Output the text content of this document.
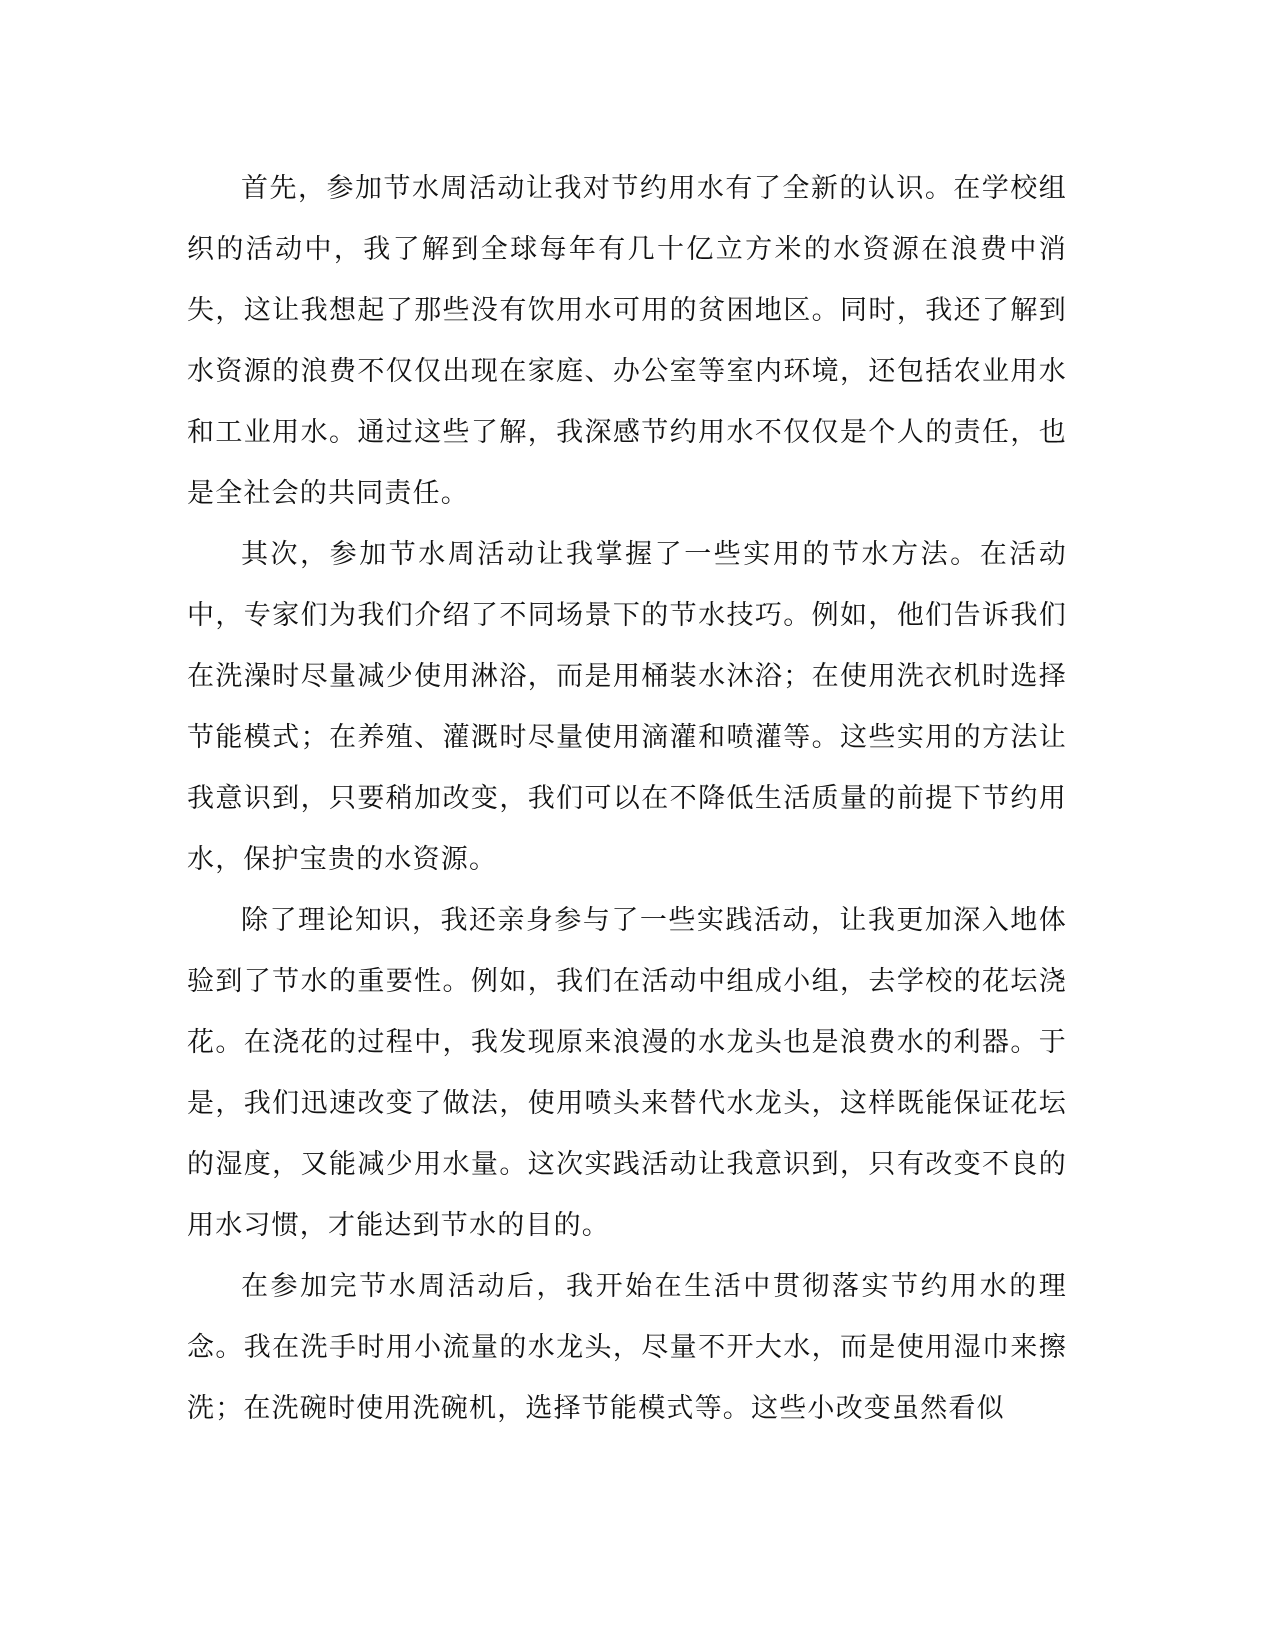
首先，参加节水周活动让我对节约用水有了全新的认识。在学校组织的活动中，我了解到全球每年有几十亿立方米的水资源在浪费中消失，这让我想起了那些没有饮用水可用的贫困地区。同时，我还了解到水资源的浪费不仅仅出现在家庭、办公室等室内环境，还包括农业用水和工业用水。通过这些了解，我深感节约用水不仅仅是个人的责任，也是全社会的共同责任。

其次，参加节水周活动让我掌握了一些实用的节水方法。在活动中，专家们为我们介绍了不同场景下的节水技巧。例如，他们告诉我们在洗澡时尽量减少使用淋浴，而是用桶装水沐浴；在使用洗衣机时选择节能模式；在养殖、灌溉时尽量使用滴灌和喷灌等。这些实用的方法让我意识到，只要稍加改变，我们可以在不降低生活质量的前提下节约用水，保护宝贵的水资源。

除了理论知识，我还亲身参与了一些实践活动，让我更加深入地体验到了节水的重要性。例如，我们在活动中组成小组，去学校的花坛浇花。在浇花的过程中，我发现原来浪漫的水龙头也是浪费水的利器。于是，我们迅速改变了做法，使用喷头来替代水龙头，这样既能保证花坛的湿度，又能减少用水量。这次实践活动让我意识到，只有改变不良的用水习惯，才能达到节水的目的。

在参加完节水周活动后，我开始在生活中贯彻落实节约用水的理念。我在洗手时用小流量的水龙头，尽量不开大水，而是使用湿巾来擦洗；在洗碗时使用洗碗机，选择节能模式等。这些小改变虽然看似
